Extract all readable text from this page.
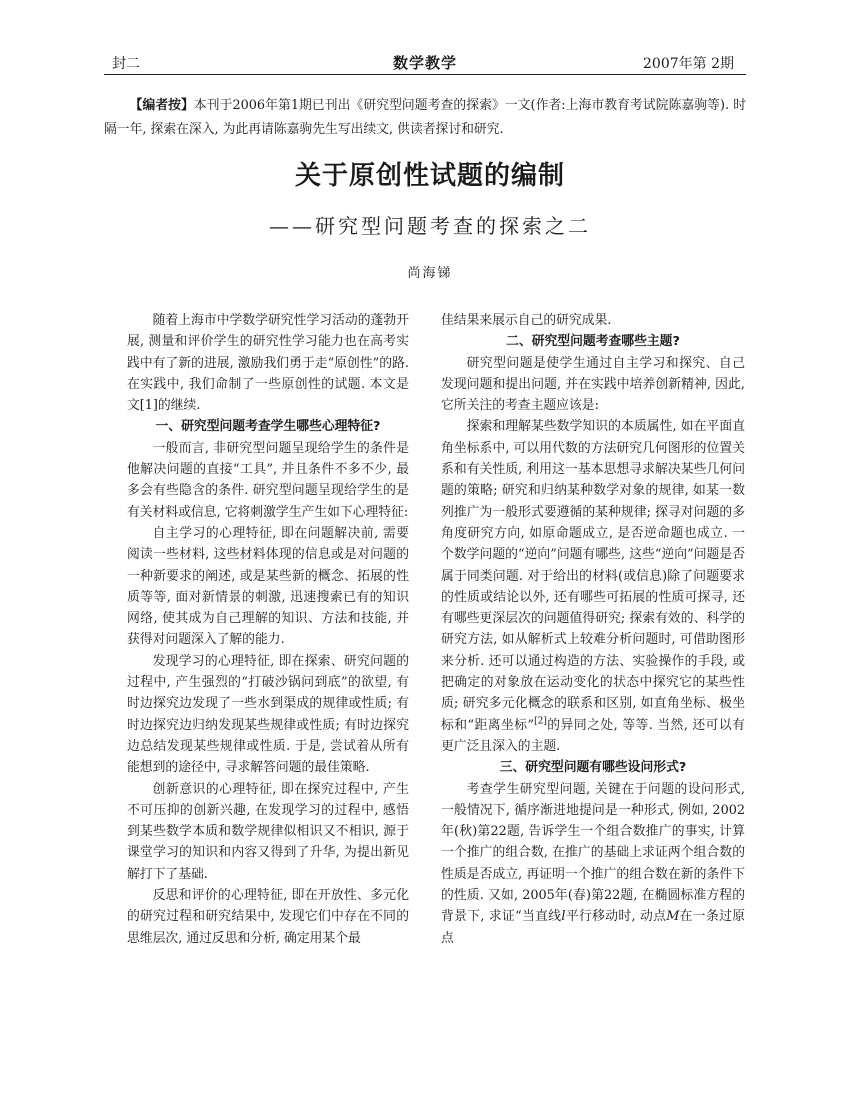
封二	数学教学	2007年第 2期
【编者按】本刊于2006年第1期已刊出《研究型问题考查的探索》一文(作者:上海市教育考试院陈嘉驹等). 时隔一年, 探索在深入, 为此再请陈嘉驹先生写出续文, 供读者探讨和研究.
关于原创性试题的编制
——研究型问题考查的探索之二
尚海锑

随着上海市中学数学研究性学习活动的蓬勃开展, 测量和评价学生的研究性学习能力也在高考实践中有了新的进展, 激励我们勇于走“原创性”的路. 在实践中, 我们命制了一些原创性的试题. 本文是文[1]的继续.

一、研究型问题考查学生哪些心理特征?

一般而言, 非研究型问题呈现给学生的条件是他解决问题的直接“工具”, 并且条件不多不少, 最多会有些隐含的条件. 研究型问题呈现给学生的是有关材料或信息, 它将刺激学生产生如下心理特征:

自主学习的心理特征, 即在问题解决前, 需要阅读一些材料, 这些材料体现的信息或是对问题的一种新要求的阐述, 或是某些新的概念、拓展的性质等等, 面对新情景的刺激, 迅速搜索已有的知识网络, 使其成为自己理解的知识、方法和技能, 并获得对问题深入了解的能力.

发现学习的心理特征, 即在探索、研究问题的过程中, 产生强烈的“打破沙锅问到底”的欲望, 有时边探究边发现了一些水到渠成的规律或性质; 有时边探究边归纳发现某些规律或性质; 有时边探究边总结发现某些规律或性质. 于是, 尝试着从所有能想到的途径中, 寻求解答问题的最佳策略.

创新意识的心理特征, 即在探究过程中, 产生不可压抑的创新兴趣, 在发现学习的过程中, 感悟到某些数学本质和数学规律似相识又不相识, 源于课堂学习的知识和内容又得到了升华, 为提出新见解打下了基础.

反思和评价的心理特征, 即在开放性、多元化的研究过程和研究结果中, 发现它们中存在不同的思维层次, 通过反思和分析, 确定用某个最

佳结果来展示自己的研究成果.

二、研究型问题考查哪些主题?

研究型问题是使学生通过自主学习和探究、自己发现问题和提出问题, 并在实践中培养创新精神, 因此, 它所关注的考查主题应该是:

探索和理解某些数学知识的本质属性, 如在平面直角坐标系中, 可以用代数的方法研究几何图形的位置关系和有关性质, 利用这一基本思想寻求解决某些几何问题的策略; 研究和归纳某种数学对象的规律, 如某一数列推广为一般形式要遵循的某种规律; 探寻对问题的多角度研究方向, 如原命题成立, 是否逆命题也成立. 一个数学问题的“逆向”问题有哪些, 这些“逆向”问题是否属于同类问题. 对于给出的材料(或信息)除了问题要求的性质或结论以外, 还有哪些可拓展的性质可探寻, 还有哪些更深层次的问题值得研究; 探索有效的、科学的研究方法, 如从解析式上较难分析问题时, 可借助图形来分析. 还可以通过构造的方法、实验操作的手段, 或把确定的对象放在运动变化的状态中探究它的某些性质; 研究多元化概念的联系和区别, 如直角坐标、极坐标和“距离坐标”[2]的异同之处, 等等. 当然, 还可以有更广泛且深入的主题.

三、研究型问题有哪些设问形式?

考查学生研究型问题, 关键在于问题的设问形式, 一般情况下, 循序渐进地提问是一种形式, 例如, 2002年(秋)第22题, 告诉学生一个组合数推广的事实, 计算一个推广的组合数, 在推广的基础上求证两个组合数的性质是否成立, 再证明一个推广的组合数在新的条件下的性质. 又如, 2005年(春)第22题, 在椭圆标准方程的背景下, 求证“当直线l平行移动时, 动点M在一条过原点
